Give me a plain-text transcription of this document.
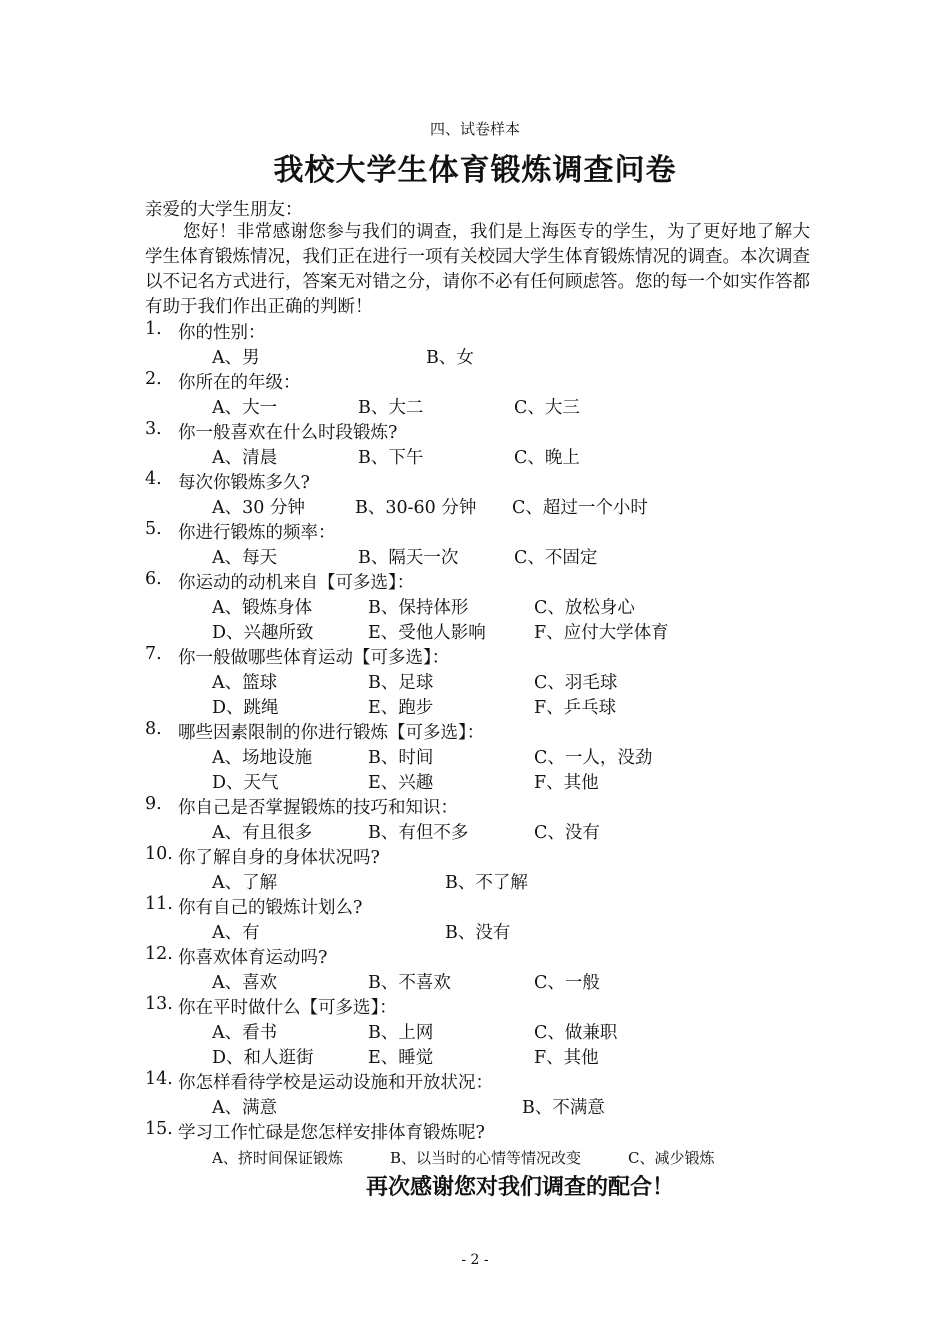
四、试卷样本
我校大学生体育锻炼调查问卷
亲爱的大学生朋友：
您好！非常感谢您参与我们的调查，我们是上海医专的学生，为了更好地了解大学生体育锻炼情况，我们正在进行一项有关校园大学生体育锻炼情况的调查。本次调查以不记名方式进行，答案无对错之分，请你不必有任何顾虑答。您的每一个如实作答都有助于我们作出正确的判断！
1. 你的性别：
A、男	B、女
2. 你所在的年级：
A、大一	B、大二	C、大三
3. 你一般喜欢在什么时段锻炼?
A、清晨	B、下午	C、晚上
4. 每次你锻炼多久?
A、30 分钟	B、30-60 分钟 C、超过一个小时
5. 你进行锻炼的频率：
A、每天	B、隔天一次	C、不固定
6. 你运动的动机来自【可多选】：
A、锻炼身体	B、保持体形	C、放松身心
D、兴趣所致	E、受他人影响	F、应付大学体育
7. 你一般做哪些体育运动【可多选】：
A、篮球	B、足球	C、羽毛球
D、跳绳	E、跑步	F、乒乓球
8. 哪些因素限制的你进行锻炼【可多选】：
A、场地设施	B、时间	C、一人，没劲
D、天气	E、兴趣	F、其他
9. 你自己是否掌握锻炼的技巧和知识：
A、有且很多	B、有但不多	C、没有
10. 你了解自身的身体状况吗?
A、了解	B、不了解
11. 你有自己的锻炼计划么?
A、有	B、没有
12. 你喜欢体育运动吗?
A、喜欢	B、不喜欢	C、一般
13. 你在平时做什么【可多选】：
A、看书	B、上网	C、做兼职
D、和人逛街	E、睡觉	F、其他
14. 你怎样看待学校是运动设施和开放状况：
A、满意	B、不满意
15. 学习工作忙碌是您怎样安排体育锻炼呢?
A、挤时间保证锻炼	B、以当时的心情等情况改变	C、减少锻炼
再次感谢您对我们调查的配合！
- 2 -
